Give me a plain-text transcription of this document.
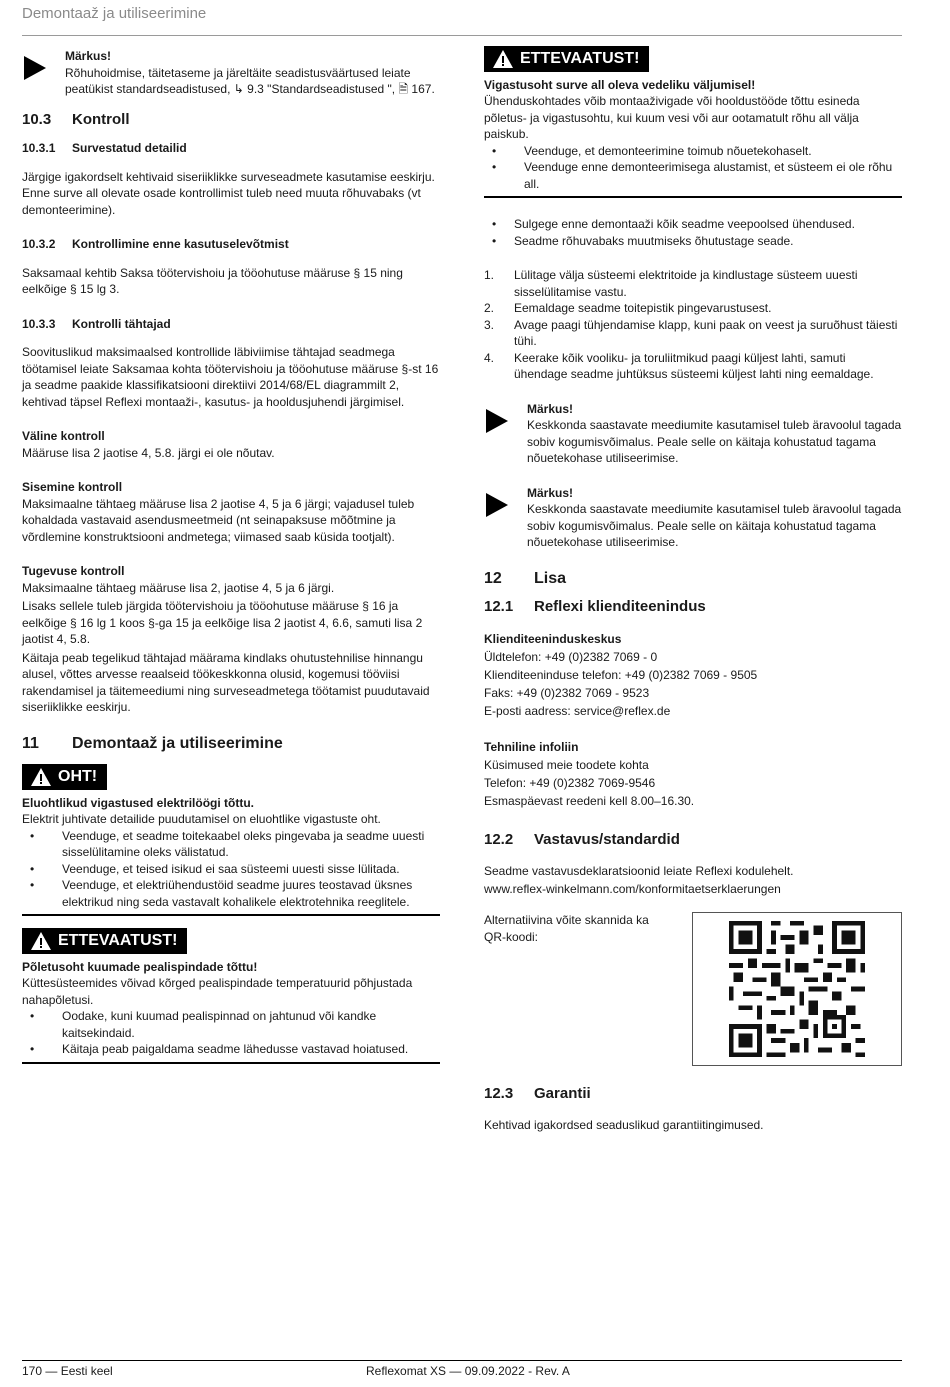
Demontaaž ja utiliseerimine

Märkus!

Rõhuhoidmise, täitetaseme ja järeltäite seadistusväärtused leiate peatükist standardseadistused, ↳ 9.3 "Standardseadistused ", 🗎 167.

10.3	Kontroll
10.3.1	Survestatud detailid

Järgige igakordselt kehtivaid siseriiklikke surveseadmete kasutamise eeskirju. Enne surve all olevate osade kontrollimist tuleb need muuta rõhuvabaks (vt demonteerimine).

10.3.2	Kontrollimine enne kasutuselevõtmist

Saksamaal kehtib Saksa töötervishoiu ja tööohutuse määruse § 15 ning eelkõige § 15 lg 3.

10.3.3	Kontrolli tähtajad

Soovituslikud maksimaalsed kontrollide läbiviimise tähtajad seadmega töötamisel leiate Saksamaa kohta töötervishoiu ja tööohutuse määruse §-st 16 ja seadme paakide klassifikatsiooni direktiivi 2014/68/EL diagrammilt 2, kehtivad täpsel Reflexi montaaži-, kasutus- ja hooldusjuhendi järgimisel.

Väline kontroll

Määruse lisa 2 jaotise 4, 5.8. järgi ei ole nõutav.

Sisemine kontroll

Maksimaalne tähtaeg määruse lisa 2 jaotise 4, 5 ja 6 järgi; vajadusel tuleb kohaldada vastavaid asendusmeetmeid (nt seinapaksuse mõõtmine ja võrdlemine konstruktsiooni andmetega; viimased saab küsida tootjalt).

Tugevuse kontroll

Maksimaalne tähtaeg määruse lisa 2, jaotise 4, 5 ja 6 järgi.

Lisaks sellele tuleb järgida töötervishoiu ja tööohutuse määruse § 16 ja eelkõige § 16 lg 1 koos §-ga 15 ja eelkõige lisa 2 jaotist 4, 6.6, samuti lisa 2 jaotist 4, 5.8.

Käitaja peab tegelikud tähtajad määrama kindlaks ohutustehnilise hinnangu alusel, võttes arvesse reaalseid töökeskkonna olusid, kogemusi tööviisi rakendamisel ja täitemeediumi ning surveseadmetega töötamist puudutavaid siseriiklikke eeskirju.

11	Demontaaž ja utiliseerimine
OHT!

Eluohtlikud vigastused elektrilöögi tõttu.

Elektrit juhtivate detailide puudutamisel on eluohtlike vigastuste oht.

• Veenduge, et seadme toitekaabel oleks pingevaba ja seadme uuesti sisselülitamine oleks välistatud.
• Veenduge, et teised isikud ei saa süsteemi uuesti sisse lülitada.
• Veenduge, et elektriühendustöid seadme juures teostavad üksnes elektrikud ning seda vastavalt kohalikele elektrotehnika reeglitele.
ETTEVAATUST!

Põletusoht kuumade pealispindade tõttu!

Küttesüsteemides võivad kõrged pealispindade temperatuurid põhjustada nahapõletusi.

• Oodake, kuni kuumad pealispinnad on jahtunud või kandke kaitsekindaid.
• Käitaja peab paigaldama seadme lähedusse vastavad hoiatused.
ETTEVAATUST!

Vigastusoht surve all oleva vedeliku väljumisel!

Ühenduskohtades võib montaaživigade või hooldustööde tõttu esineda põletus- ja vigastusohtu, kui kuum vesi või aur ootamatult rõhu all välja paiskub.

• Veenduge, et demonteerimine toimub nõuetekohaselt.
• Veenduge enne demonteerimisega alustamist, et süsteem ei ole rõhu all.
• Sulgege enne demontaaži kõik seadme veepoolsed ühendused.
• Seadme rõhuvabaks muutmiseks õhutustage seade.
1. Lülitage välja süsteemi elektritoide ja kindlustage süsteem uuesti sisselülitamise vastu.
2. Eemaldage seadme toitepistik pingevarustusest.
3. Avage paagi tühjendamise klapp, kuni paak on veest ja suruõhust täiesti tühi.
4. Keerake kõik vooliku- ja toruliitmikud paagi küljest lahti, samuti ühendage seadme juhtüksus süsteemi küljest lahti ning eemaldage.

Märkus!

Keskkonda saastavate meediumite kasutamisel tuleb äravoolul tagada sobiv kogumisvõimalus. Peale selle on käitaja kohustatud tagama nõuetekohase utiliseerimise.

Märkus!

Keskkonda saastavate meediumite kasutamisel tuleb äravoolul tagada sobiv kogumisvõimalus. Peale selle on käitaja kohustatud tagama nõuetekohase utiliseerimise.

12	Lisa
12.1	Reflexi klienditeenindus

Klienditeeninduskeskus

Üldtelefon: +49 (0)2382 7069 - 0

Klienditeeninduse telefon: +49 (0)2382 7069 - 9505

Faks: +49 (0)2382 7069 - 9523

E-posti aadress: service@reflex.de

Tehniline infoliin

Küsimused meie toodete kohta

Telefon: +49 (0)2382 7069-9546

Esmaspäevast reedeni kell 8.00–16.30.

12.2	Vastavus/standardid

Seadme vastavusdeklaratsioonid leiate Reflexi kodulehelt.

www.reflex-winkelmann.com/konformitaetserklaerungen

Alternatiivina võite skannida ka QR-koodi:

12.3	Garantii

Kehtivad igakordsed seaduslikud garantiitingimused.

170 — Eesti keel	Reflexomat XS — 09.09.2022 - Rev. A
